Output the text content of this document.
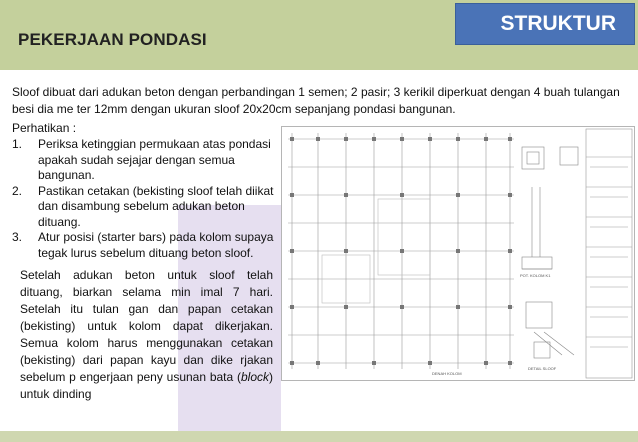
PEKERJAAN PONDASI
STRUKTUR
Sloof dibuat dari adukan beton dengan perbandingan 1 semen; 2 pasir; 3 kerikil diperkuat dengan 4 buah tulangan besi dia me ter 12mm dengan ukuran sloof 20x20cm sepanjang pondasi bangunan.
Perhatikan :
1. Periksa ketinggian permukaan atas pondasi apakah sudah sejajar dengan semua bangunan.
2. Pastikan cetakan (bekisting sloof telah diikat dan disambung sebelum adukan beton dituang.
3. Atur posisi (starter bars) pada kolom supaya tegak lurus sebelum dituang beton sloof.
Setelah adukan beton untuk sloof telah dituang, biarkan selama min imal 7 hari. Setelah itu tulan gan dan papan cetakan (bekisting) untuk kolom dapat dikerjakan. Semua kolom harus menggunakan cetakan (bekisting) dari papan kayu dan dike rjakan sebelum p engerjaan peny usunan bata (block) untuk dinding
DENAH KOLOM
POT. KOLOM K1
DETAIL SLOOF
